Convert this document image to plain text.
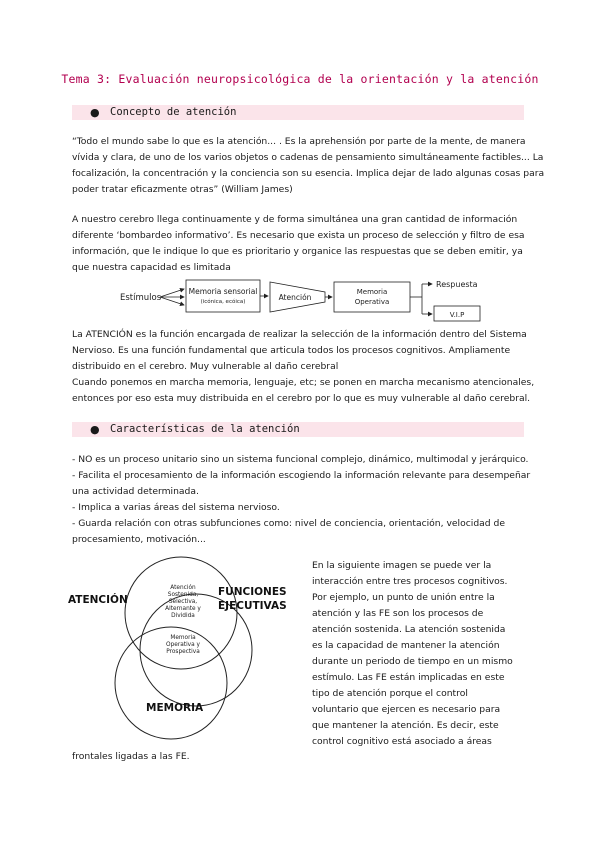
Tema 3: Evaluación neuropsicológica de la orientación y la atención
● Concepto de atención
“Todo el mundo sabe lo que es la atención... . Es la aprehensión por parte de la mente, de manera
vívida y clara, de uno de los varios objetos o cadenas de pensamiento simultáneamente factibles... La
focalización, la concentración y la conciencia son su esencia. Implica dejar de lado algunas cosas para
poder tratar eficazmente otras” (William James)
A nuestro cerebro llega continuamente y de forma simultánea una gran cantidad de información
diferente ‘bombardeo informativo’. Es necesario que exista un proceso de selección y filtro de esa
información, que le indique lo que es prioritario y organice las respuestas que se deben emitir, ya
que nuestra capacidad es limitada
Estímulos
Memoria sensorial
(icónica, ecóica)	Atención
Memoria
Operativa
Respuesta
V.I.P
La ATENCIÓN es la función encargada de realizar la selección de la información dentro del Sistema
Nervioso. Es una función fundamental que articula todos los procesos cognitivos. Ampliamente
distribuido en el cerebro. Muy vulnerable al daño cerebral
Cuando ponemos en marcha memoria, lenguaje, etc; se ponen en marcha mecanismo atencionales,
entonces por eso esta muy distribuida en el cerebro por lo que es muy vulnerable al daño cerebral.
● Características de la atención
- NO es un proceso unitario sino un sistema funcional complejo, dinámico, multimodal y jerárquico.
- Facilita el procesamiento de la información escogiendo la información relevante para desempeñar
una actividad determinada.
- Implica a varias áreas del sistema nervioso.
- Guarda relación con otras subfunciones como: nivel de conciencia, orientación, velocidad de
procesamiento, motivación...
ATENCIÓN
FUNCIONES
EJECUTIVAS
MEMORIA
Atención
Sostenida,
Selectiva,
Alternante y
Dividida
Memoria
Operativa y
Prospectiva
En la siguiente imagen se puede ver la
interacción entre tres procesos cognitivos.
Por ejemplo, un punto de unión entre la
atención y las FE son los procesos de
atención sostenida. La atención sostenida
es la capacidad de mantener la atención
durante un periodo de tiempo en un mismo
estímulo. Las FE están implicadas en este
tipo de atención porque el control
voluntario que ejercen es necesario para
que mantener la atención. Es decir, este
control cognitivo está asociado a áreas
frontales ligadas a las FE.
